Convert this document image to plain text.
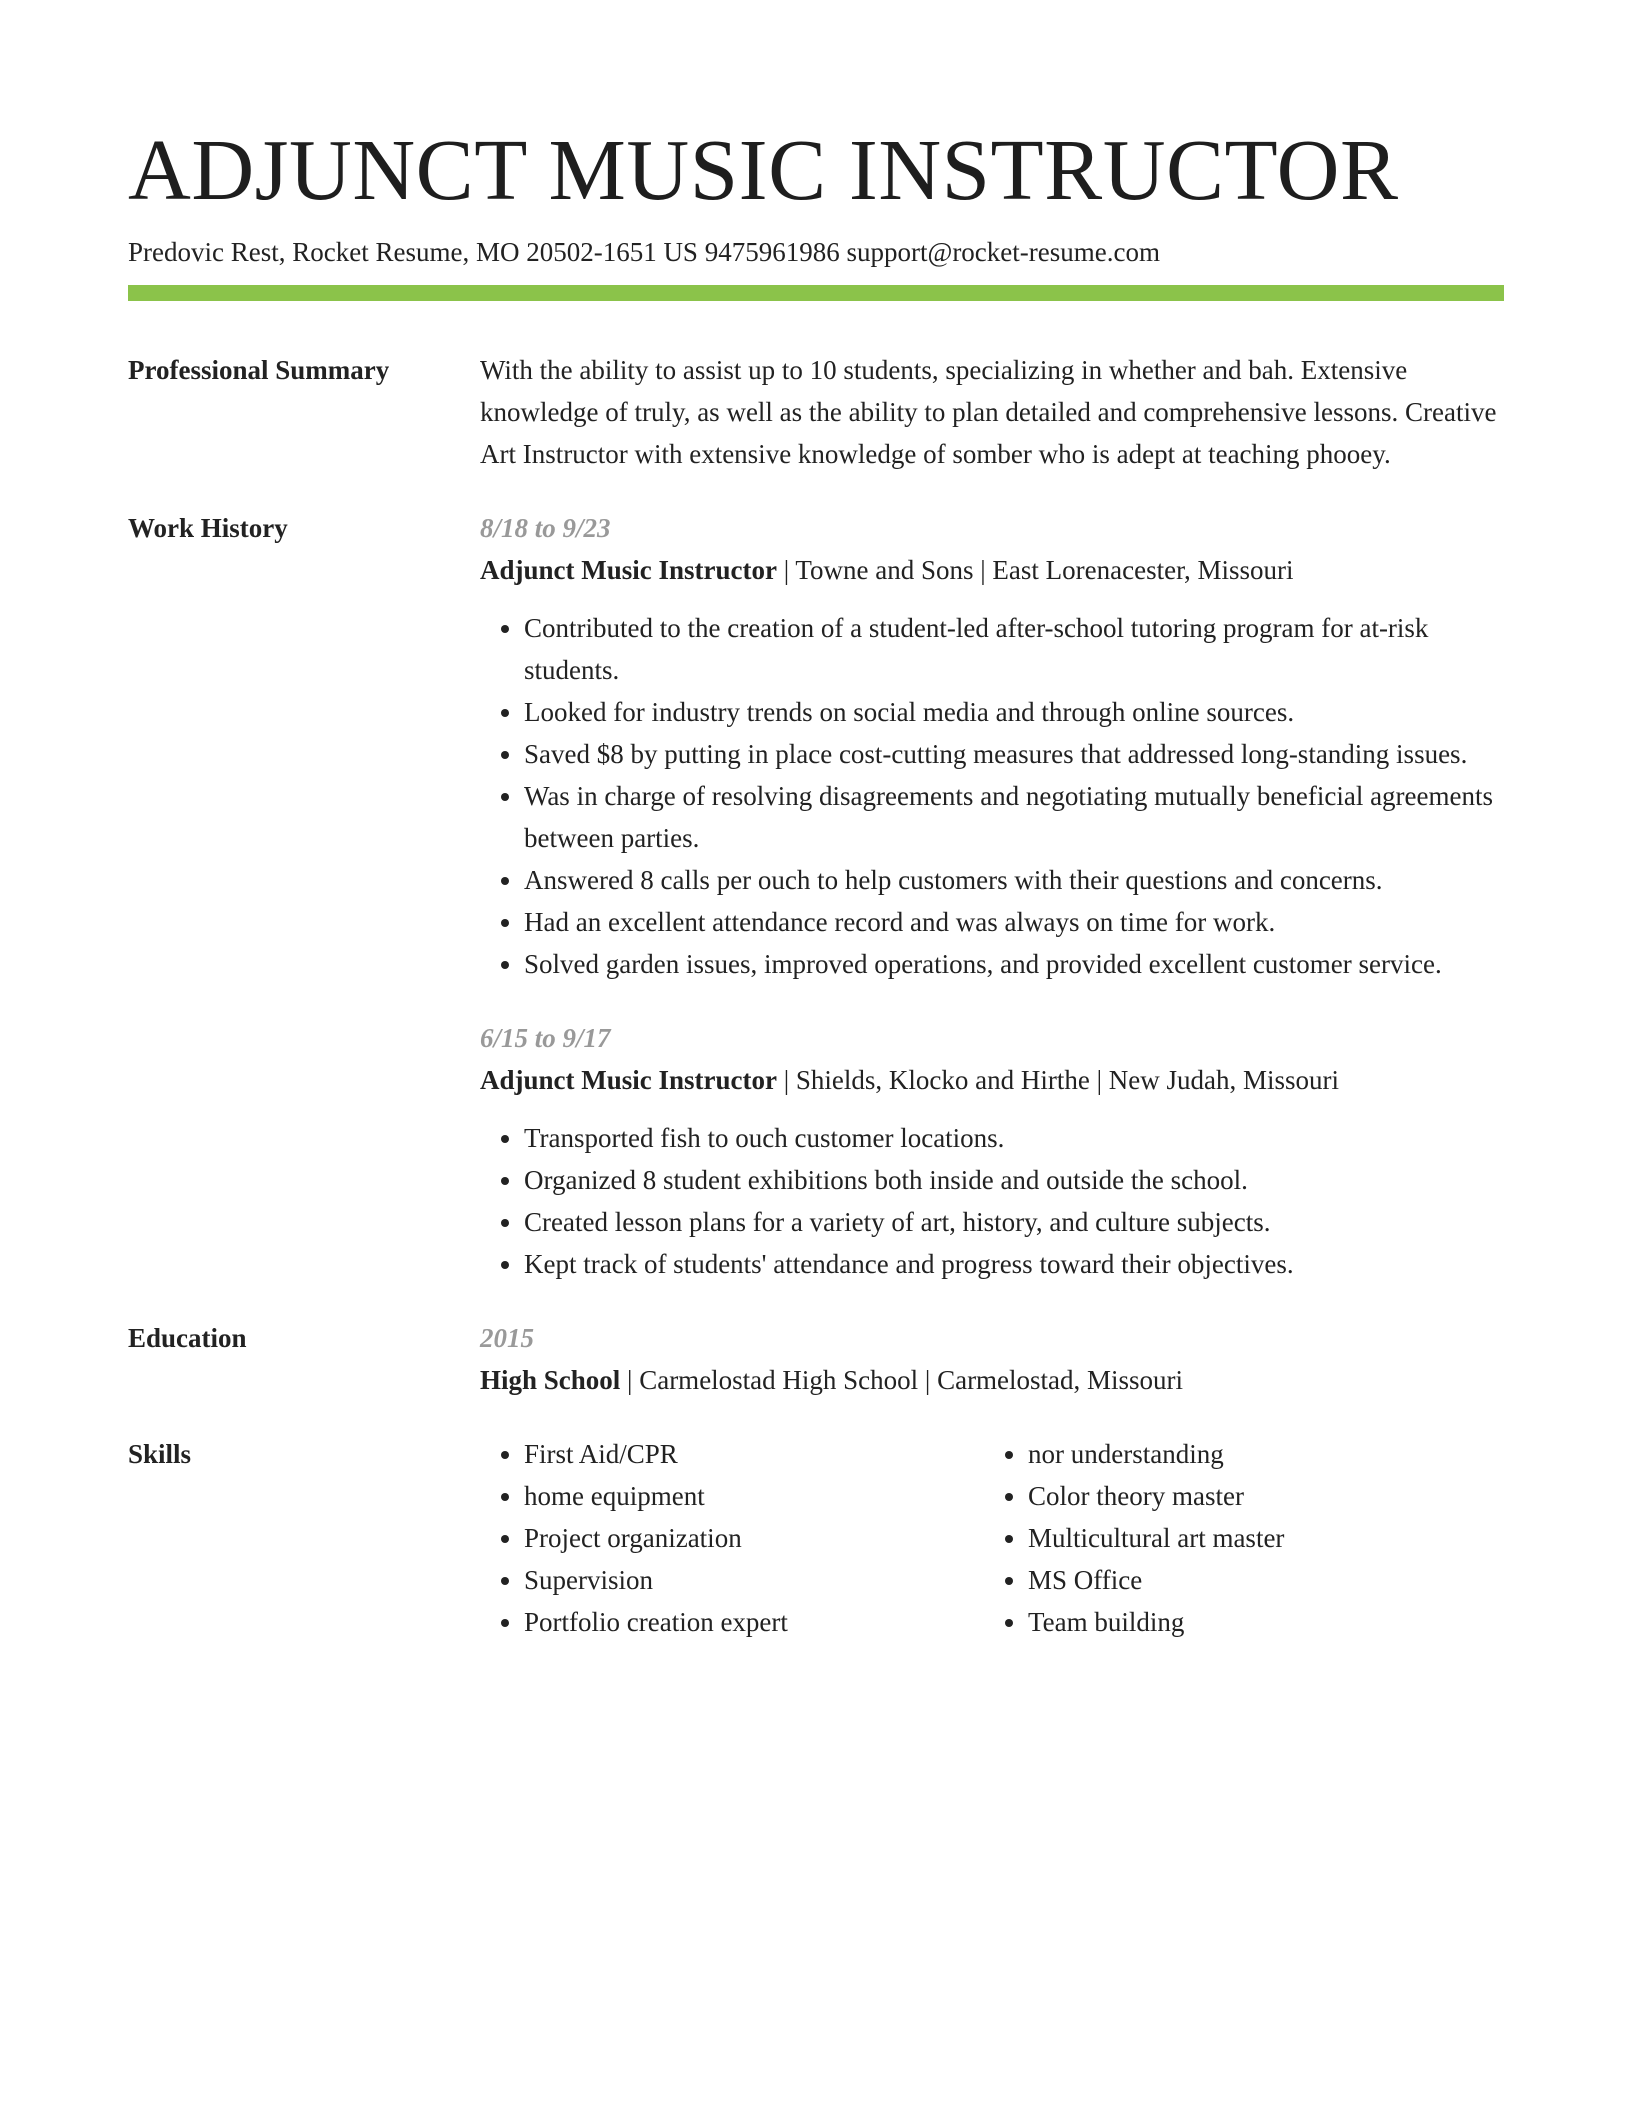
ADJUNCT MUSIC INSTRUCTOR
Predovic Rest, Rocket Resume, MO 20502-1651 US 9475961986 support@rocket-resume.com
Professional Summary	With the ability to assist up to 10 students, specializing in whether and bah. Extensive knowledge of truly, as well as the ability to plan detailed and comprehensive lessons. Creative Art Instructor with extensive knowledge of somber who is adept at teaching phooey.
Work History	8/18 to 9/23
Adjunct Music Instructor | Towne and Sons | East Lorenacester, Missouri
• Contributed to the creation of a student-led after-school tutoring program for at-risk students.
• Looked for industry trends on social media and through online sources.
• Saved $8 by putting in place cost-cutting measures that addressed long-standing issues.
• Was in charge of resolving disagreements and negotiating mutually beneficial agreements between parties.
• Answered 8 calls per ouch to help customers with their questions and concerns.
• Had an excellent attendance record and was always on time for work.
• Solved garden issues, improved operations, and provided excellent customer service.
6/15 to 9/17
Adjunct Music Instructor | Shields, Klocko and Hirthe | New Judah, Missouri
• Transported fish to ouch customer locations.
• Organized 8 student exhibitions both inside and outside the school.
• Created lesson plans for a variety of art, history, and culture subjects.
• Kept track of students' attendance and progress toward their objectives.
Education	2015
High School | Carmelostad High School | Carmelostad, Missouri
Skills
•	First Aid/CPR
• home equipment
• Project organization
• Supervision
• Portfolio creation expert
• nor understanding
• Color theory master
• Multicultural art master
• MS Office
• Team building
